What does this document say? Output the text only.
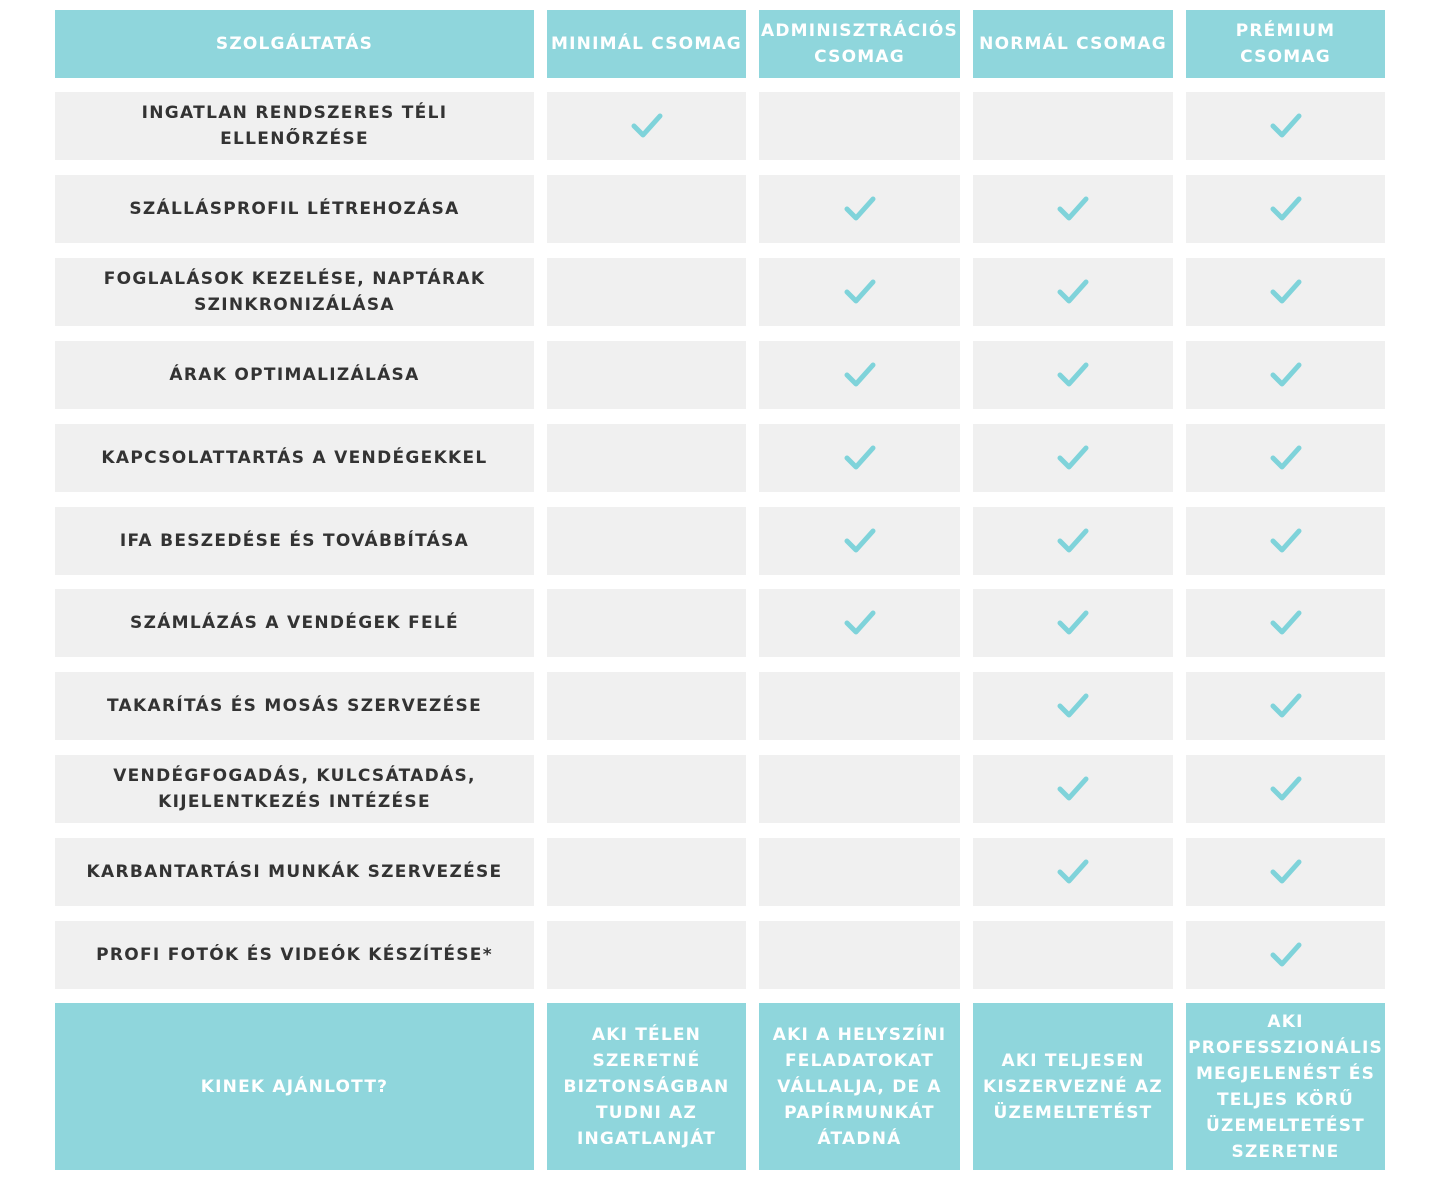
SZOLGÁLTATÁS	MINIMÁL CSOMAG
ADMINISZTRÁCIÓS CSOMAG
NORMÁL CSOMAG
PRÉMIUM CSOMAG
INGATLAN RENDSZERES TÉLI ELLENŐRZÉSE
SZÁLLÁSPROFIL LÉTREHOZÁSA
FOGLALÁSOK KEZELÉSE, NAPTÁRAK SZINKRONIZÁLÁSA
ÁRAK OPTIMALIZÁLÁSA
KAPCSOLATTARTÁS A VENDÉGEKKEL
IFA BESZEDÉSE ÉS TOVÁBBÍTÁSA
SZÁMLÁZÁS A VENDÉGEK FELÉ
TAKARÍTÁS ÉS MOSÁS SZERVEZÉSE
VENDÉGFOGADÁS, KULCSÁTADÁS, KIJELENTKEZÉS INTÉZÉSE
KARBANTARTÁSI MUNKÁK SZERVEZÉSE
PROFI FOTÓK ÉS VIDEÓK KÉSZÍTÉSE*
KINEK AJÁNLOTT?
AKI TÉLEN SZERETNÉ BIZTONSÁGBAN TUDNI AZ INGATLANJÁT
AKI A HELYSZÍNI FELADATOKAT VÁLLALJA, DE A PAPÍRMUNKÁT ÁTADNÁ
AKI TELJESEN KISZERVEZNÉ AZ ÜZEMELTETÉST
AKI PROFESSZIONÁLIS MEGJELENÉST ÉS TELJES KÖRŰ ÜZEMELTETÉST SZERETNE
